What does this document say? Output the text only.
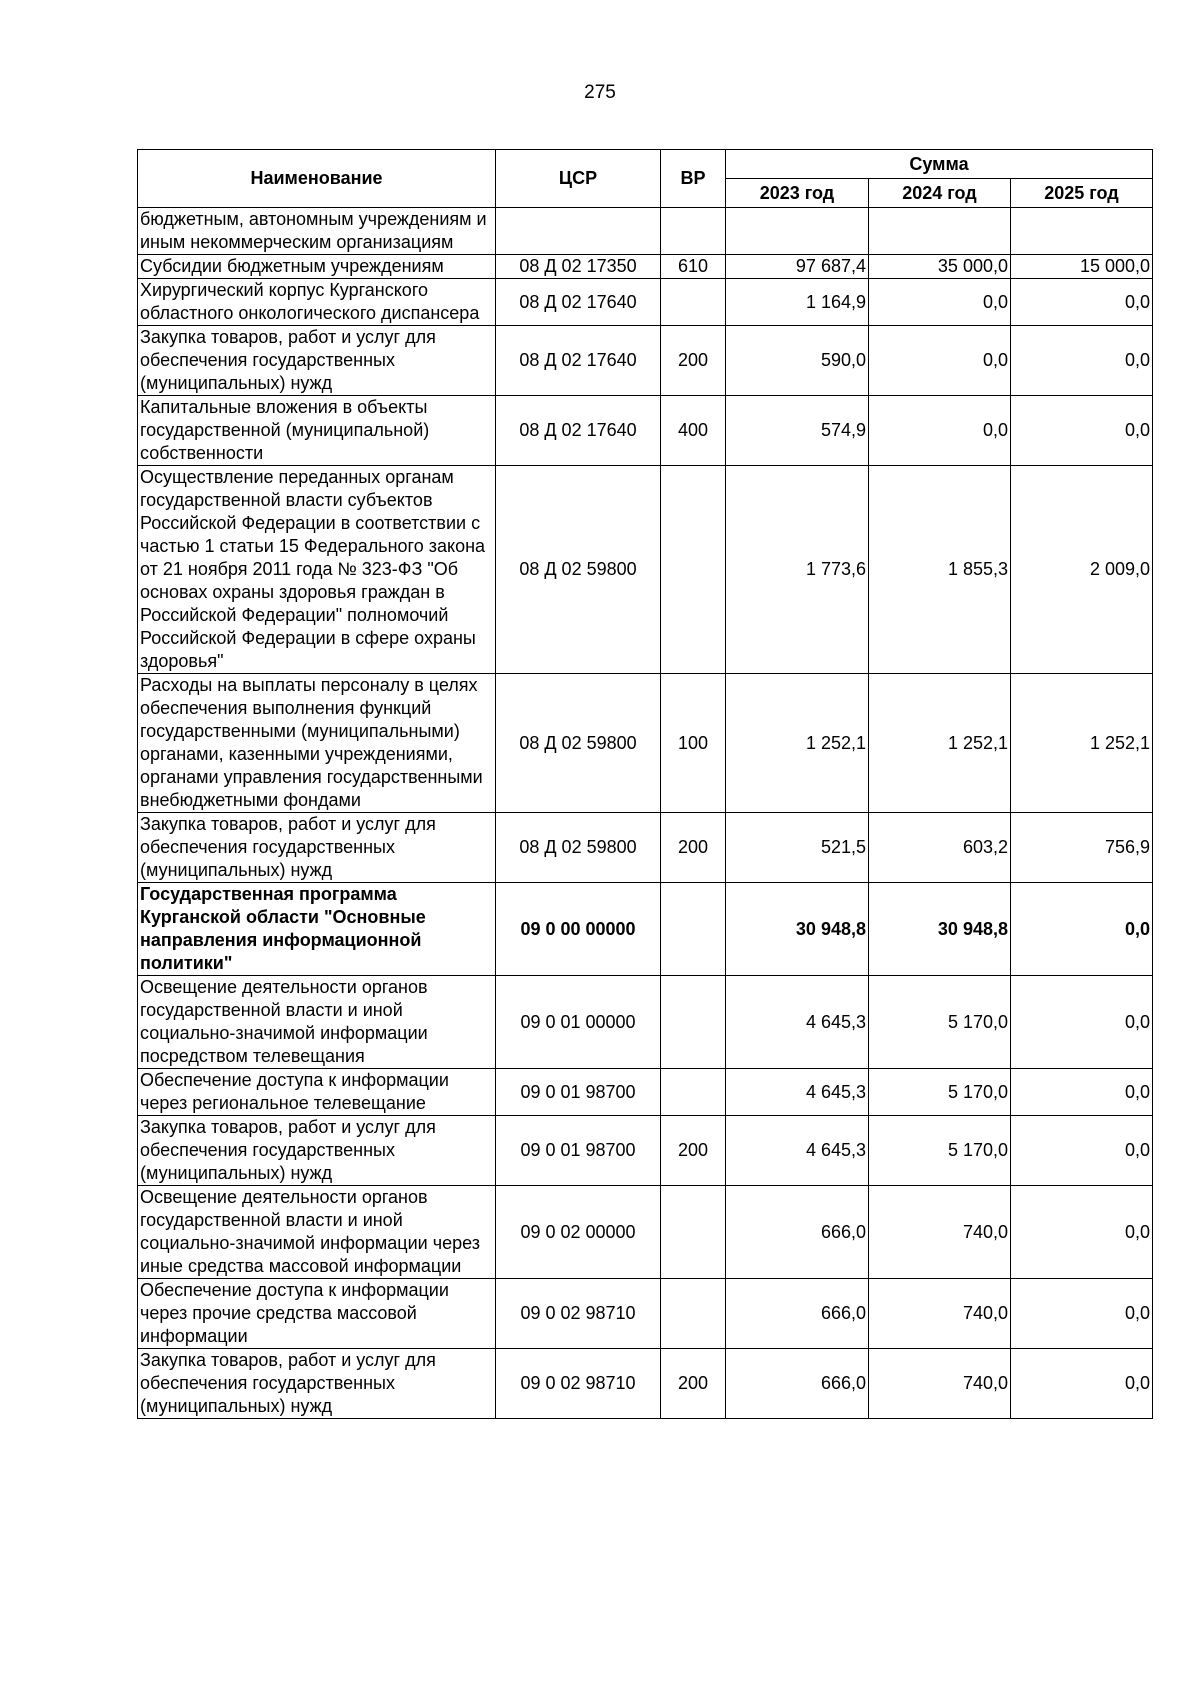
275
Наименование	ЦСР	ВР	Сумма		
			2023 год	2024 год	2025 год
бюджетным, автономным учреждениям и иным некоммерческим организациям					
Субсидии бюджетным учреждениям	08 Д 02 17350	610	97 687,4	35 000,0	15 000,0
Хирургический корпус Курганского областного онкологического диспансера	08 Д 02 17640		1 164,9	0,0	0,0
Закупка товаров, работ и услуг для обеспечения государственных (муниципальных) нужд	08 Д 02 17640	200	590,0	0,0	0,0
Капитальные вложения в объекты государственной (муниципальной) собственности	08 Д 02 17640	400	574,9	0,0	0,0
Осуществление переданных органам государственной власти субъектов Российской Федерации в соответствии с частью 1 статьи 15 Федерального закона от 21 ноября 2011 года № 323-ФЗ "Об основах охраны здоровья граждан в Российской Федерации" полномочий Российской Федерации в сфере охраны здоровья"	08 Д 02 59800		1 773,6	1 855,3	2 009,0
Расходы на выплаты персоналу в целях обеспечения выполнения функций государственными (муниципальными) органами, казенными учреждениями, органами управления государственными внебюджетными фондами	08 Д 02 59800	100	1 252,1	1 252,1	1 252,1
Закупка товаров, работ и услуг для обеспечения государственных (муниципальных) нужд	08 Д 02 59800	200	521,5	603,2	756,9
Государственная программа Курганской области "Основные направления информационной политики"	09 0 00 00000		30 948,8	30 948,8	0,0
Освещение деятельности органов государственной власти и иной социально-значимой информации посредством телевещания	09 0 01 00000		4 645,3	5 170,0	0,0
Обеспечение доступа к информации через региональное телевещание	09 0 01 98700		4 645,3	5 170,0	0,0
Закупка товаров, работ и услуг для обеспечения государственных (муниципальных) нужд	09 0 01 98700	200	4 645,3	5 170,0	0,0
Освещение деятельности органов государственной власти и иной социально-значимой информации через иные средства массовой информации	09 0 02 00000		666,0	740,0	0,0
Обеспечение доступа к информации через прочие средства массовой информации	09 0 02 98710		666,0	740,0	0,0
Закупка товаров, работ и услуг для обеспечения государственных (муниципальных) нужд	09 0 02 98710	200	666,0	740,0	0,0
